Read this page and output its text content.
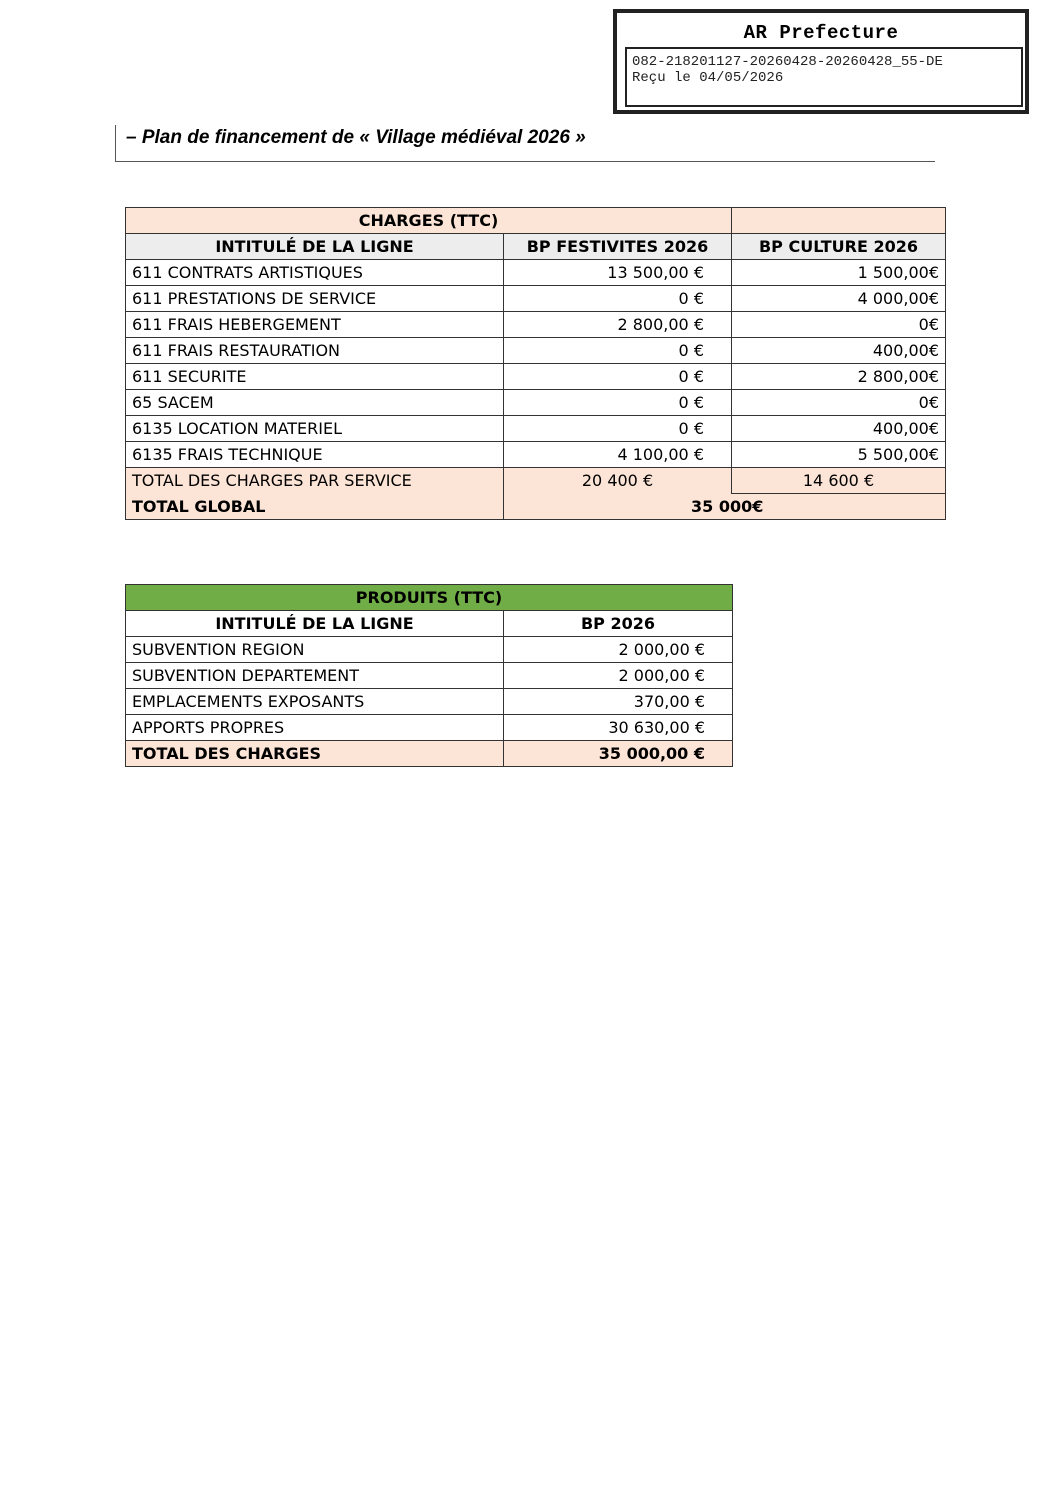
AR Prefecture
082-218201127-20260428-20260428_55-DE
Reçu le 04/05/2026
– Plan de financement de « Village médiéval 2026 »
CHARGES (TTC)		
INTITULÉ DE LA LIGNE	BP FESTIVITES 2026	BP CULTURE 2026
611 CONTRATS ARTISTIQUES	13 500,00 €	1 500,00€
611 PRESTATIONS DE SERVICE	0 €	4 000,00€
611 FRAIS HEBERGEMENT	2 800,00 €	0€
611 FRAIS RESTAURATION	0 €	400,00€
611 SECURITE	0 €	2 800,00€
65 SACEM	0 €	0€
6135 LOCATION MATERIEL	0 €	400,00€
6135 FRAIS TECHNIQUE	4 100,00 €	5 500,00€
TOTAL DES CHARGES PAR SERVICE	20 400 €	14 600 €
TOTAL GLOBAL	35 000€	
PRODUITS (TTC)	
INTITULÉ DE LA LIGNE	BP 2026
SUBVENTION REGION	2 000,00 €
SUBVENTION DEPARTEMENT	2 000,00 €
EMPLACEMENTS EXPOSANTS	370,00 €
APPORTS PROPRES	30 630,00 €
TOTAL DES CHARGES	35 000,00 €
